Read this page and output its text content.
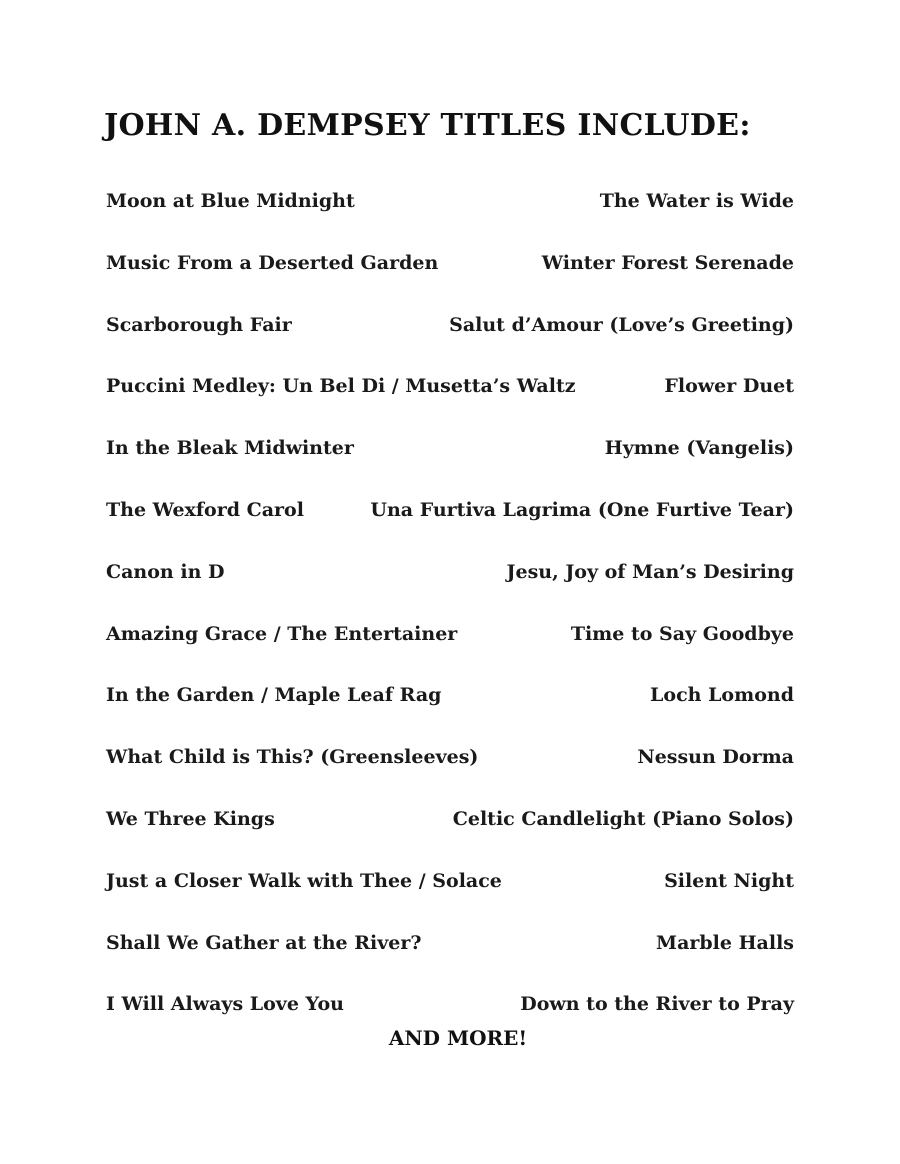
JOHN A. DEMPSEY TITLES INCLUDE:
Moon at Blue Midnight	The Water is Wide
Music From a Deserted Garden	Winter Forest Serenade
Scarborough Fair	Salut d’Amour (Love’s Greeting)
Puccini Medley: Un Bel Di / Musetta’s Waltz	Flower Duet
In the Bleak Midwinter	Hymne (Vangelis)
The Wexford Carol	Una Furtiva Lagrima (One Furtive Tear)
Canon in D	Jesu, Joy of Man’s Desiring
Amazing Grace / The Entertainer	Time to Say Goodbye
In the Garden / Maple Leaf Rag	Loch Lomond
What Child is This? (Greensleeves)	Nessun Dorma
We Three Kings	Celtic Candlelight (Piano Solos)
Just a Closer Walk with Thee / Solace	Silent Night
Shall We Gather at the River?	Marble Halls
I Will Always Love You	Down to the River to Pray
AND MORE!
